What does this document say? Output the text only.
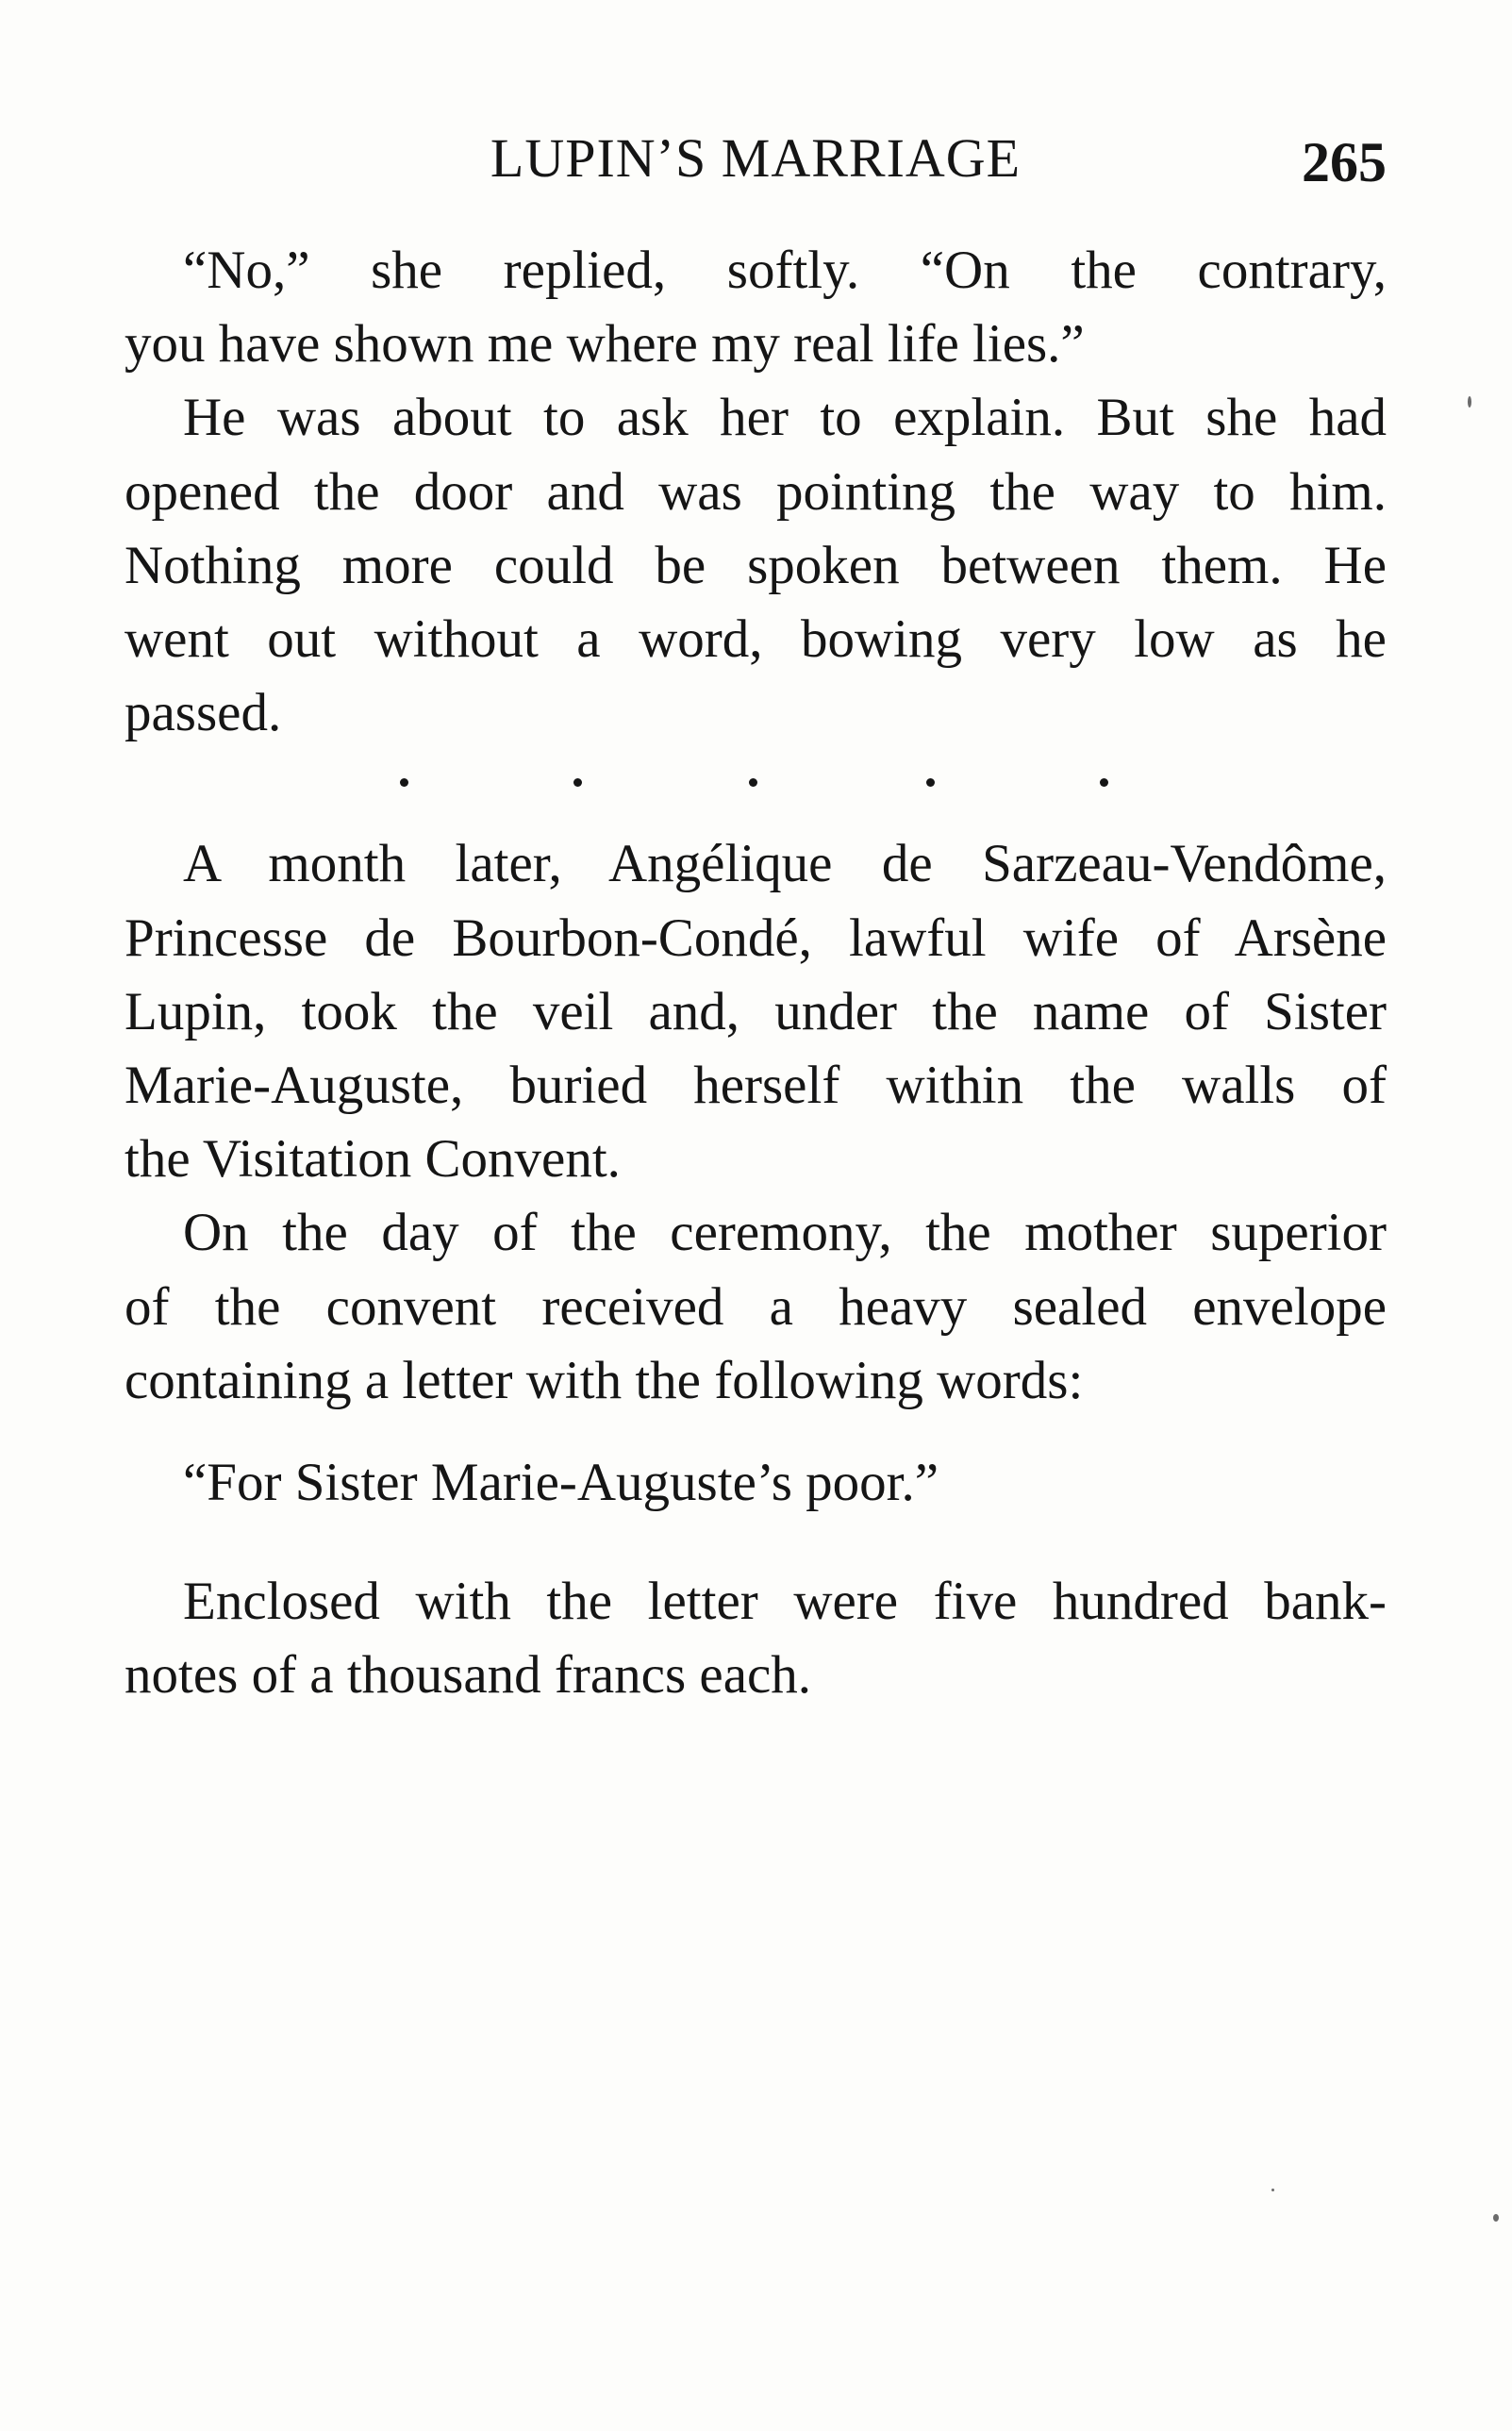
LUPIN’S MARRIAGE	265
“No,” she replied, softly. “On the contrary,
you have shown me where my real life lies.”
He was about to ask her to explain. But she had
opened the door and was pointing the way to him.
Nothing more could be spoken between them. He
went out without a word, bowing very low as he
passed.
A month later, Angélique de Sarzeau-Vendôme,
Princesse de Bourbon-Condé, lawful wife of Arsène
Lupin, took the veil and, under the name of Sister
Marie-Auguste, buried herself within the walls of
the Visitation Convent.
On the day of the ceremony, the mother superior
of the convent received a heavy sealed envelope
containing a letter with the following words:
“For Sister Marie-Auguste’s poor.”
Enclosed with the letter were five hundred bank-
notes of a thousand francs each.
